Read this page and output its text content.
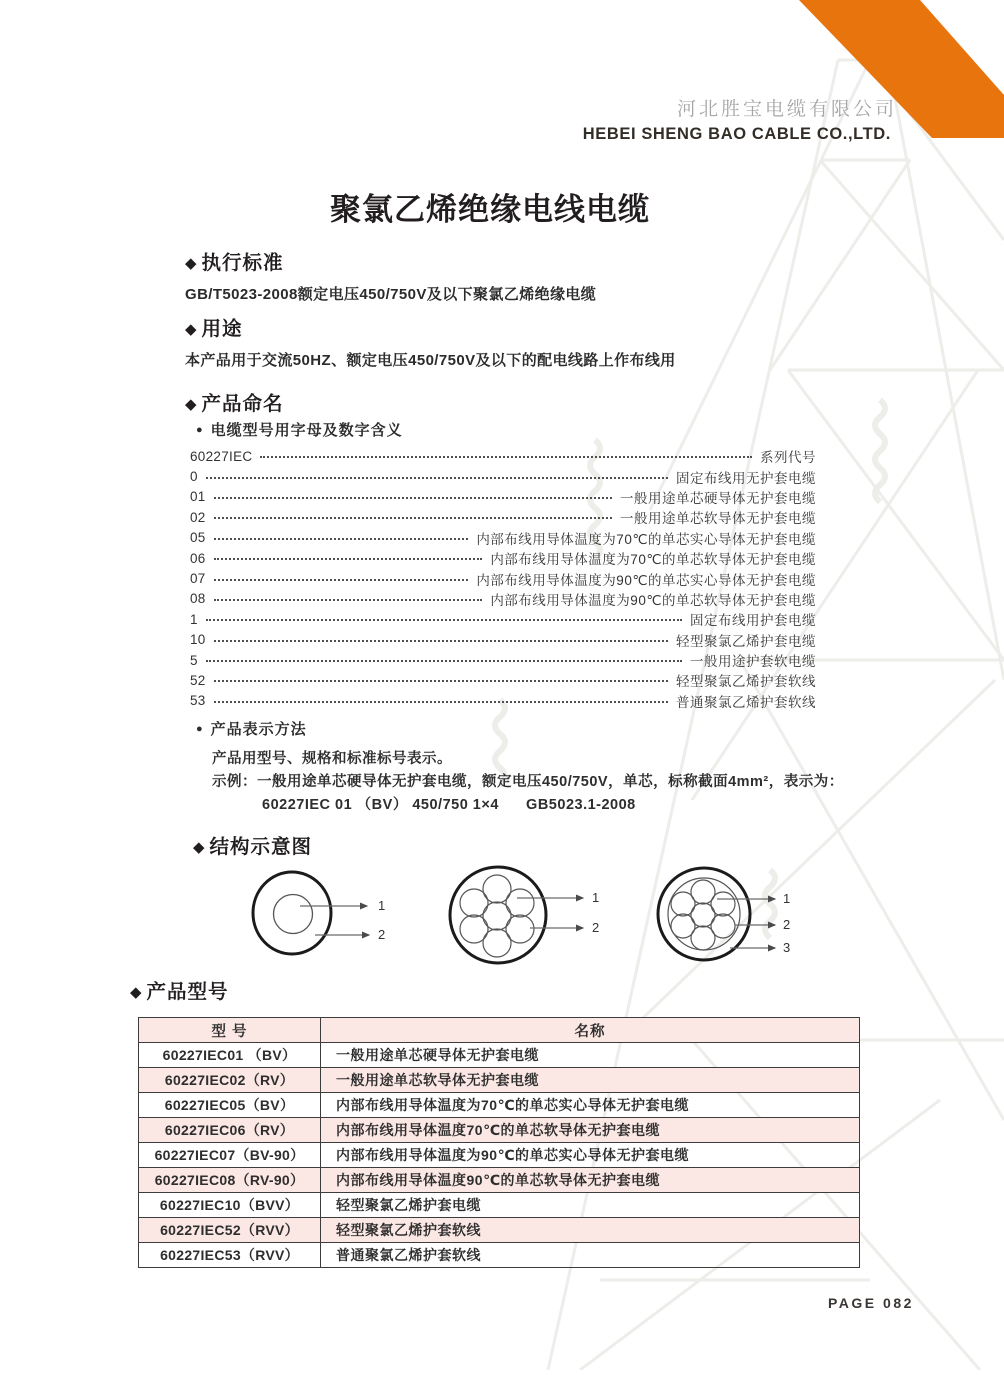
河北胜宝电缆有限公司
HEBEI SHENG BAO CABLE CO.,LTD.
聚氯乙烯绝缘电线电缆
◆ 执行标准
GB/T5023-2008额定电压450/750V及以下聚氯乙烯绝缘电缆
◆ 用途
本产品用于交流50HZ、额定电压450/750V及以下的配电线路上作布线用
◆ 产品命名
● 电缆型号用字母及数字含义
60227IEC	系列代号
0	固定布线用无护套电缆
01	一般用途单芯硬导体无护套电缆
02	一般用途单芯软导体无护套电缆
05	内部布线用导体温度为70℃的单芯实心导体无护套电缆
06	内部布线用导体温度为70℃的单芯软导体无护套电缆
07	内部布线用导体温度为90℃的单芯实心导体无护套电缆
08	内部布线用导体温度为90℃的单芯软导体无护套电缆
1	固定布线用护套电缆
10	轻型聚氯乙烯护套电缆
5	一般用途护套软电缆
52	轻型聚氯乙烯护套软线
53	普通聚氯乙烯护套软线
● 产品表示方法
产品用型号、规格和标准标号表示。
示例：一般用途单芯硬导体无护套电缆，额定电压450/750V，单芯，标称截面4mm²，表示为：
60227IEC 01 （BV） 450/750 1×4      GB5023.1-2008
◆ 结构示意图
1
2
1
2
1
2
3
◆ 产品型号
型 号	名称
60227IEC01 （BV）	一般用途单芯硬导体无护套电缆
60227IEC02（RV）	一般用途单芯软导体无护套电缆
60227IEC05（BV）	内部布线用导体温度为70℃的单芯实心导体无护套电缆
60227IEC06（RV）	内部布线用导体温度70℃的单芯软导体无护套电缆
60227IEC07（BV-90）	内部布线用导体温度为90℃的单芯实心导体无护套电缆
60227IEC08（RV-90）	内部布线用导体温度90℃的单芯软导体无护套电缆
60227IEC10（BVV）	轻型聚氯乙烯护套电缆
60227IEC52（RVV）	轻型聚氯乙烯护套软线
60227IEC53（RVV）	普通聚氯乙烯护套软线
PAGE 082
